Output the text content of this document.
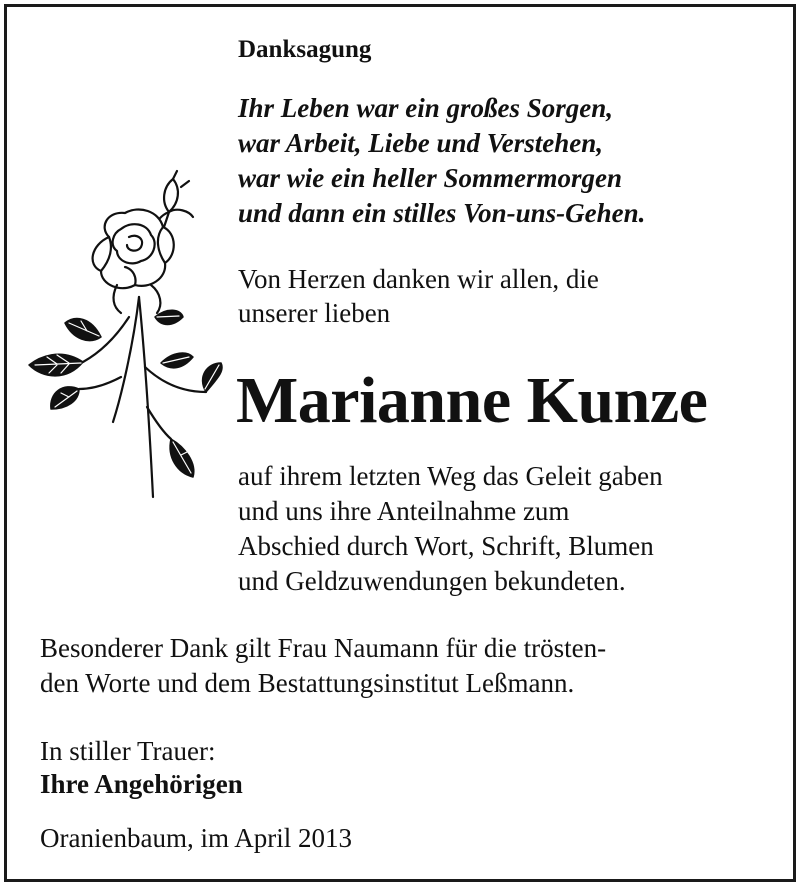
Danksagung
Ihr Leben war ein großes Sorgen,
war Arbeit, Liebe und Verstehen,
war wie ein heller Sommermorgen
und dann ein stilles Von-uns-Gehen.
Von Herzen danken wir allen, die
unserer lieben
Marianne Kunze
auf ihrem letzten Weg das Geleit gaben
und uns ihre Anteilnahme zum
Abschied durch Wort, Schrift, Blumen
und Geldzuwendungen bekundeten.
Besonderer Dank gilt Frau Naumann für die trösten-
den Worte und dem Bestattungsinstitut Leßmann.
In stiller Trauer:
Ihre Angehörigen
Oranienbaum, im April 2013
